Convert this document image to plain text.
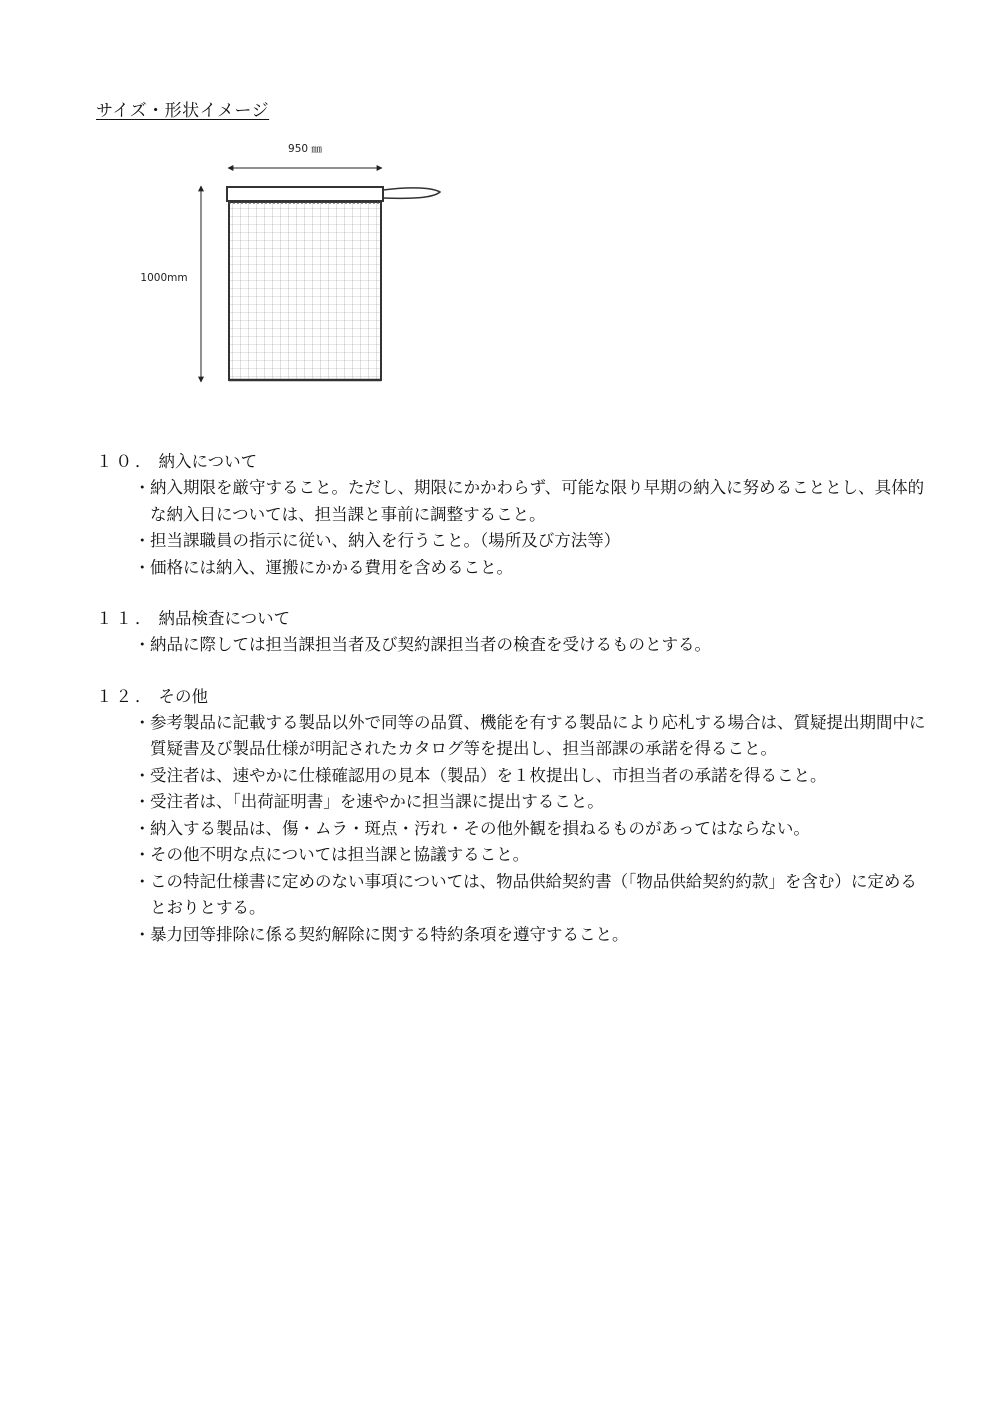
サイズ・形状イメージ
950 ㎜
1000mm
１０． 納入について
・納入期限を厳守すること。ただし、期限にかかわらず、可能な限り早期の納入に努めることとし、具体的な納入日については、担当課と事前に調整すること。
・担当課職員の指示に従い、納入を行うこと。（場所及び方法等）
・価格には納入、運搬にかかる費用を含めること。
１１． 納品検査について
・納品に際しては担当課担当者及び契約課担当者の検査を受けるものとする。
１２． その他
・参考製品に記載する製品以外で同等の品質、機能を有する製品により応札する場合は、質疑提出期間中に質疑書及び製品仕様が明記されたカタログ等を提出し、担当部課の承諾を得ること。
・受注者は、速やかに仕様確認用の見本（製品）を１枚提出し、市担当者の承諾を得ること。
・受注者は、「出荷証明書」を速やかに担当課に提出すること。
・納入する製品は、傷・ムラ・斑点・汚れ・その他外観を損ねるものがあってはならない。
・その他不明な点については担当課と協議すること。
・この特記仕様書に定めのない事項については、物品供給契約書（「物品供給契約約款」を含む）に定めるとおりとする。
・暴力団等排除に係る契約解除に関する特約条項を遵守すること。
